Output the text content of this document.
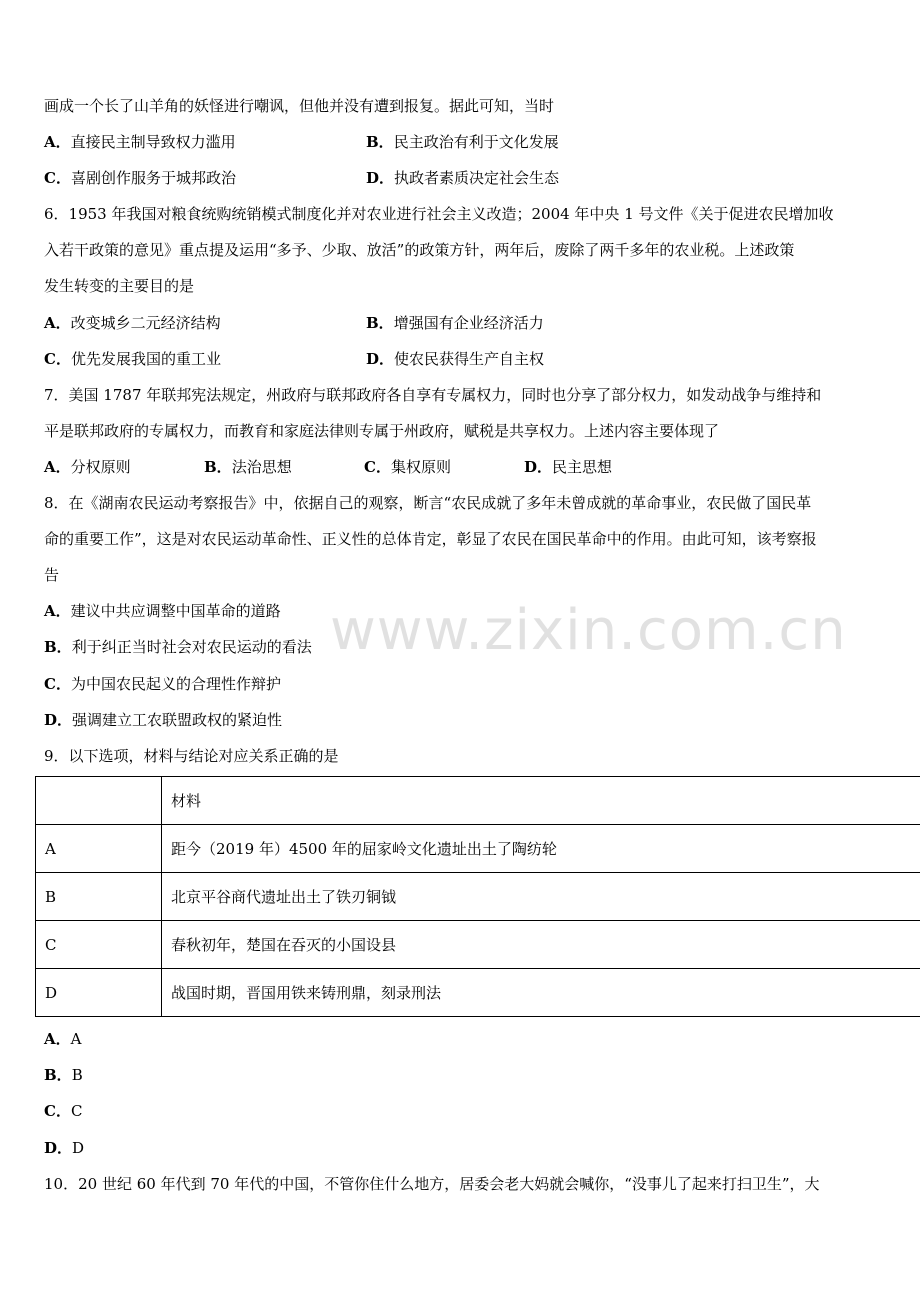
www.zixin.com.cn
画成一个长了山羊角的妖怪进行嘲讽，但他并没有遭到报复。据此可知，当时
A．直接民主制导致权力滥用	B．民主政治有利于文化发展
C．喜剧创作服务于城邦政治	D．执政者素质决定社会生态
6．1953 年我国对粮食统购统销模式制度化并对农业进行社会主义改造；2004 年中央 1 号文件《关于促进农民增加收
入若干政策的意见》重点提及运用“多予、少取、放活”的政策方针，两年后，废除了两千多年的农业税。上述政策
发生转变的主要目的是
A．改变城乡二元经济结构	B．增强国有企业经济活力
C．优先发展我国的重工业	D．使农民获得生产自主权
7．美国 1787 年联邦宪法规定，州政府与联邦政府各自享有专属权力，同时也分享了部分权力，如发动战争与维持和
平是联邦政府的专属权力，而教育和家庭法律则专属于州政府，赋税是共享权力。上述内容主要体现了
A．分权原则	B．法治思想	C．集权原则	D．民主思想
8．在《湖南农民运动考察报告》中，依据自己的观察，断言“农民成就了多年未曾成就的革命事业，农民做了国民革
命的重要工作”，这是对农民运动革命性、正义性的总体肯定，彰显了农民在国民革命中的作用。由此可知，该考察报
告
A．建议中共应调整中国革命的道路
B．利于纠正当时社会对农民运动的看法
C．为中国农民起义的合理性作辩护
D．强调建立工农联盟政权的紧迫性
9．以下选项，材料与结论对应关系正确的是
	材料
A	距今（2019 年）4500 年的屈家岭文化遗址出土了陶纺轮
B	北京平谷商代遗址出土了铁刃铜钺
C	春秋初年，楚国在吞灭的小国设县
D	战国时期，晋国用铁来铸刑鼎，刻录刑法
A．A
B．B
C．C
D．D
10．20 世纪 60 年代到 70 年代的中国，不管你住什么地方，居委会老大妈就会喊你，“没事儿了起来打扫卫生”，大
